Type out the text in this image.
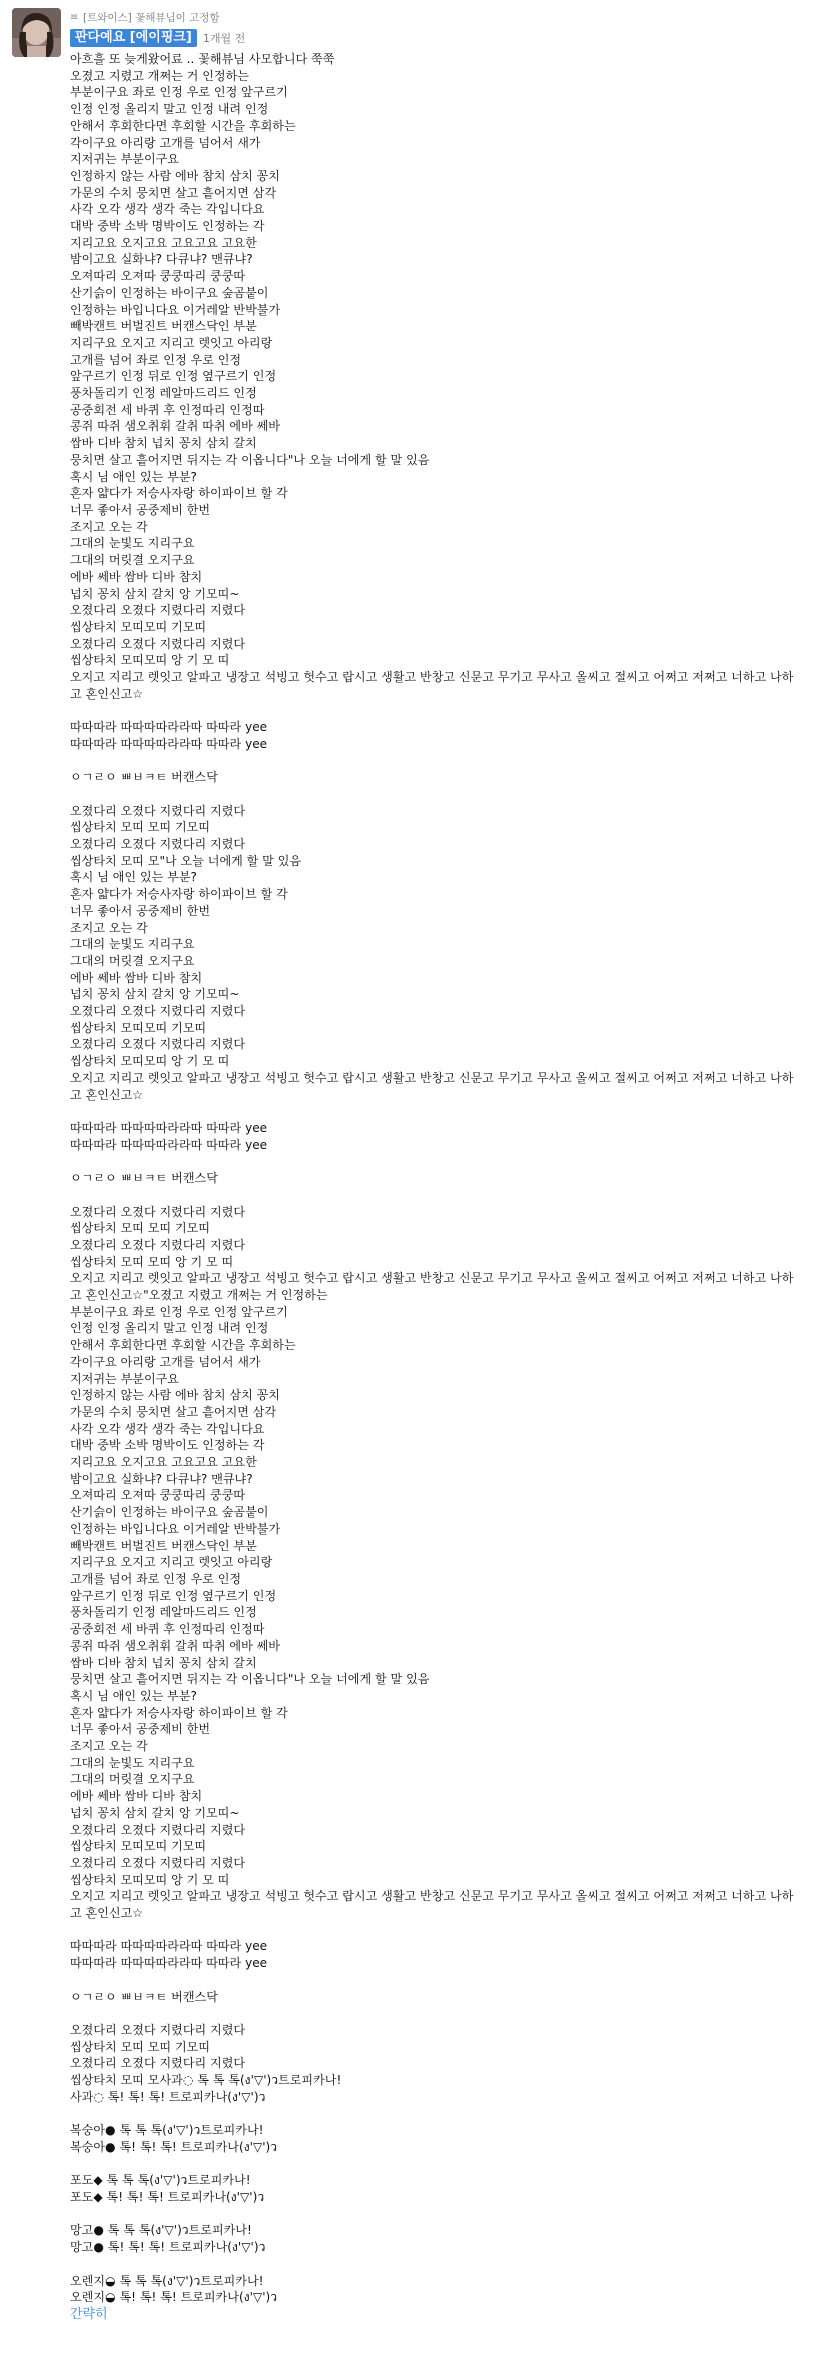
≡ [트와이스] 꽃해뷰님이 고정함
판다예요 [에이핑크]	1개월 전
아흐흘 또 늦게왔어료 .. 꽃해뷰님 사모합니다 쭉쭉
오졌고 지렸고 개쩌는 거 인정하는
부분이구요 좌로 인정 우로 인정 앞구르기
인정 인정 올리지 말고 인정 내려 인정
안해서 후회한다면 후회할 시간을 후회하는
각이구요 아리랑 고개를 넘어서 새가
지저귀는 부분이구요
인정하지 않는 사람 에바 참치 삼치 꽁치
가문의 수치 뭉치면 살고 흩어지면 삼각
사각 오각 생각 생각 죽는 각입니다요
대박 중박 소박 명박이도 인정하는 각
지리고요 오지고요 고요고요 고요한
밤이고요 실화냐? 다큐냐? 맨큐냐?
오져따리 오져따 쿵쿵따리 쿵쿵따
산기슭이 인정하는 바이구요 숲곰붙이
인정하는 바입니다요 이거레알 반박불가
빼박캔트 버벌진트 버캔스닥인 부분
지리구요 오지고 지리고 렛잇고 아리랑
고개를 넘어 좌로 인정 우로 인정
앞구르기 인정 뒤로 인정 옆구르기 인정
풍차돌리기 인정 레알마드리드 인정
공중회전 세 바퀴 후 인정따리 인정따
콩쥐 따쥐 샘오취휘 갈취 따취 에바 쎄바
쌈바 디바 참치 넙치 꽁치 삼치 갈치
뭉치면 살고 흩어지면 뒤지는 각 이옵니다"나 오늘 너에게 할 말 있음
혹시 님 애인 있는 부분?
혼자 얇다가 저승사자랑 하이파이브 할 각
너무 좋아서 공중제비 한번
조지고 오는 각
그대의 눈빛도 지리구요
그대의 머릿결 오지구요
에바 쎄바 쌈바 디바 참치
넙치 꽁치 삼치 갈치 앙 기모띠~
오졌다리 오졌다 지렸다리 지렸다
씹상타치 모띠모띠 기모띠
오졌다리 오졌다 지렸다리 지렸다
씹상타치 모띠모띠 앙 기 모 띠
오지고 지리고 렛잇고 알파고 냉장고 석빙고 헛수고 랍시고 생활고 반창고 신문고 무기고 무사고 올씨고 절씨고 어쩌고 저쩌고 너하고 나하고 혼인신고☆

따따따라 따따따따라라따 따따라 yee
따따따라 따따따따라라따 따따라 yee

ㅇㄱㄹㅇ ㅃㅂㅋㅌ 버캔스닥

오졌다리 오졌다 지렸다리 지렸다
씹상타치 모띠 모띠 기모띠
오졌다리 오졌다 지렸다리 지렸다
씹상타치 모띠 모"나 오늘 너에게 할 말 있음
혹시 님 애인 있는 부분?
혼자 얇다가 저승사자랑 하이파이브 할 각
너무 좋아서 공중제비 한번
조지고 오는 각
그대의 눈빛도 지리구요
그대의 머릿결 오지구요
에바 쎄바 쌈바 디바 참치
넙치 꽁치 삼치 갈치 앙 기모띠~
오졌다리 오졌다 지렸다리 지렸다
씹상타치 모띠모띠 기모띠
오졌다리 오졌다 지렸다리 지렸다
씹상타치 모띠모띠 앙 기 모 띠
오지고 지리고 렛잇고 알파고 냉장고 석빙고 헛수고 랍시고 생활고 반창고 신문고 무기고 무사고 올씨고 절씨고 어쩌고 저쩌고 너하고 나하고 혼인신고☆

따따따라 따따따따라라따 따따라 yee
따따따라 따따따따라라따 따따라 yee

ㅇㄱㄹㅇ ㅃㅂㅋㅌ 버캔스닥

오졌다리 오졌다 지렸다리 지렸다
씹상타치 모띠 모띠 기모띠
오졌다리 오졌다 지렸다리 지렸다
씹상타치 모띠 모띠 앙 기 모 띠
오지고 지리고 렛잇고 알파고 냉장고 석빙고 헛수고 랍시고 생활고 반창고 신문고 무기고 무사고 올씨고 절씨고 어쩌고 저쩌고 너하고 나하고 혼인신고☆"오졌고 지렸고 개쩌는 거 인정하는
부분이구요 좌로 인정 우로 인정 앞구르기
인정 인정 올리지 말고 인정 내려 인정
안해서 후회한다면 후회할 시간을 후회하는
각이구요 아리랑 고개를 넘어서 새가
지저귀는 부분이구요
인정하지 않는 사람 에바 참치 삼치 꽁치
가문의 수치 뭉치면 살고 흩어지면 삼각
사각 오각 생각 생각 죽는 각입니다요
대박 중박 소박 명박이도 인정하는 각
지리고요 오지고요 고요고요 고요한
밤이고요 실화냐? 다큐냐? 맨큐냐?
오져따리 오져따 쿵쿵따리 쿵쿵따
산기슭이 인정하는 바이구요 숲곰붙이
인정하는 바입니다요 이거레알 반박불가
빼박캔트 버벌진트 버캔스닥인 부분
지리구요 오지고 지리고 렛잇고 아리랑
고개를 넘어 좌로 인정 우로 인정
앞구르기 인정 뒤로 인정 옆구르기 인정
풍차돌리기 인정 레알마드리드 인정
공중회전 세 바퀴 후 인정따리 인정따
콩쥐 따쥐 샘오취휘 갈취 따취 에바 쎄바
쌈바 디바 참치 넙치 꽁치 삼치 갈치
뭉치면 살고 흩어지면 뒤지는 각 이옵니다"나 오늘 너에게 할 말 있음
혹시 님 애인 있는 부분?
혼자 얇다가 저승사자랑 하이파이브 할 각
너무 좋아서 공중제비 한번
조지고 오는 각
그대의 눈빛도 지리구요
그대의 머릿결 오지구요
에바 쎄바 쌈바 디바 참치
넙치 꽁치 삼치 갈치 앙 기모띠~
오졌다리 오졌다 지렸다리 지렸다
씹상타치 모띠모띠 기모띠
오졌다리 오졌다 지렸다리 지렸다
씹상타치 모띠모띠 앙 기 모 띠
오지고 지리고 렛잇고 알파고 냉장고 석빙고 헛수고 랍시고 생활고 반창고 신문고 무기고 무사고 올씨고 절씨고 어쩌고 저쩌고 너하고 나하고 혼인신고☆

따따따라 따따따따라라따 따따라 yee
따따따라 따따따따라라따 따따라 yee

ㅇㄱㄹㅇ ㅃㅂㅋㅌ 버캔스닥

오졌다리 오졌다 지렸다리 지렸다
씹상타치 모띠 모띠 기모띠
오졌다리 오졌다 지렸다리 지렸다
씹상타치 모띠 모사과◌ 톡 톡 톡(ง'▽')ว트로피카나!
사과◌ 톡! 톡! 톡! 트로피카나(ง'▽')ว

복숭아● 톡 톡 톡(ง'▽')ว트로피카나!
복숭아● 톡! 톡! 톡! 트로피카나(ง'▽')ว

포도◆ 톡 톡 톡(ง'▽')ว트로피카나!
포도◆ 톡! 톡! 톡! 트로피카나(ง'▽')ว

망고● 톡 톡 톡(ง'▽')ว트로피카나!
망고● 톡! 톡! 톡! 트로피카나(ง'▽')ว

오렌지◒ 톡 톡 톡(ง'▽')ว트로피카나!
오렌지◒ 톡! 톡! 톡! 트로피카나(ง'▽')ว
간략히
